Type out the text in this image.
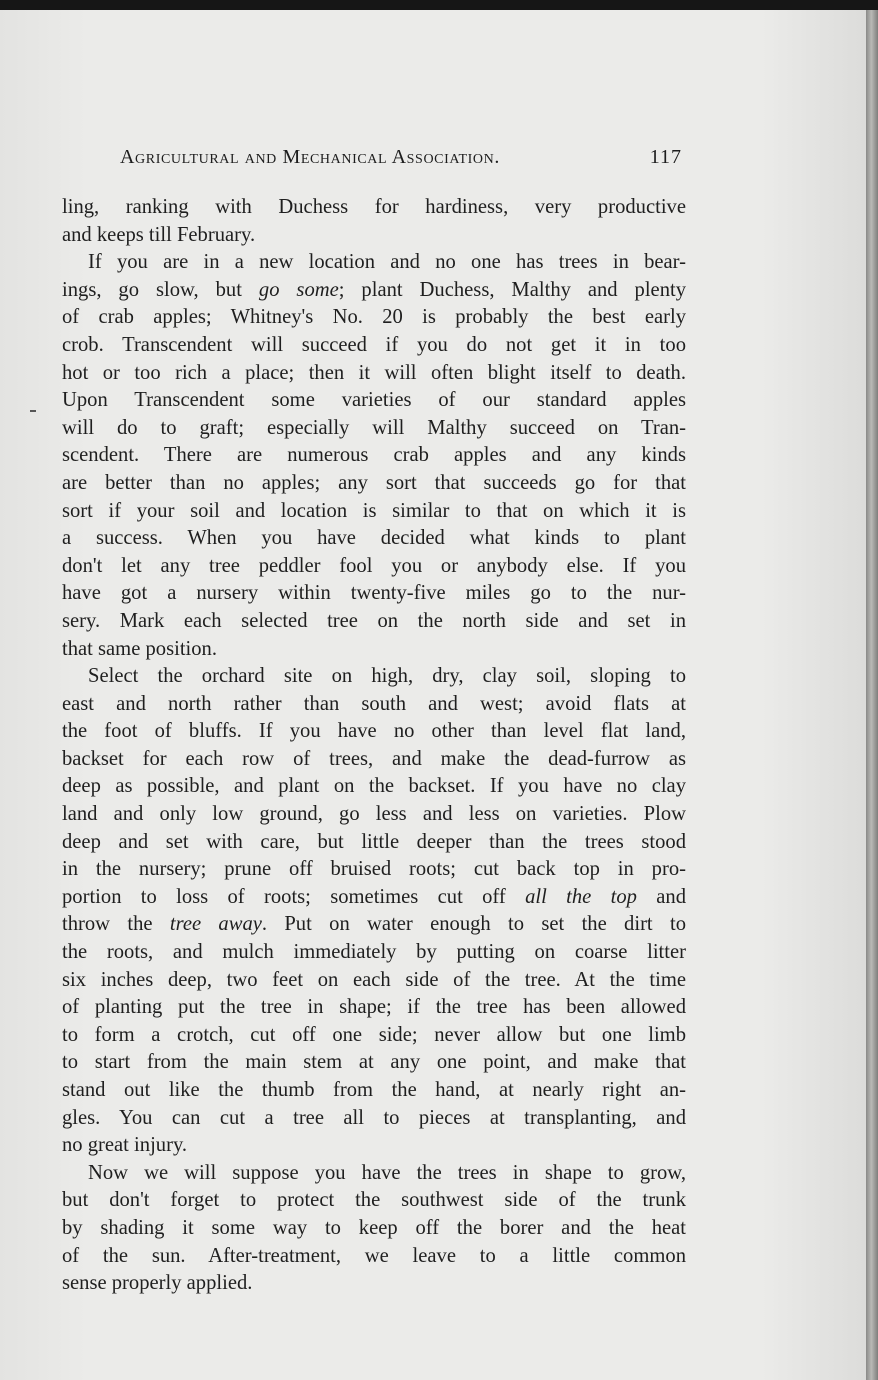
Agricultural and Mechanical Association.	117
ling, ranking with Duchess for hardiness, very productive
and keeps till February.
If you are in a new location and no one has trees in bear-
ings, go slow, but go some; plant Duchess, Malthy and plenty
of crab apples; Whitney's No. 20 is probably the best early
crob. Transcendent will succeed if you do not get it in too
hot or too rich a place; then it will often blight itself to death.
Upon Transcendent some varieties of our standard apples
will do to graft; especially will Malthy succeed on Tran-
scendent. There are numerous crab apples and any kinds
are better than no apples; any sort that succeeds go for that
sort if your soil and location is similar to that on which it is
a success. When you have decided what kinds to plant
don't let any tree peddler fool you or anybody else. If you
have got a nursery within twenty-five miles go to the nur-
sery. Mark each selected tree on the north side and set in
that same position.
Select the orchard site on high, dry, clay soil, sloping to
east and north rather than south and west; avoid flats at
the foot of bluffs. If you have no other than level flat land,
backset for each row of trees, and make the dead-furrow as
deep as possible, and plant on the backset. If you have no clay
land and only low ground, go less and less on varieties. Plow
deep and set with care, but little deeper than the trees stood
in the nursery; prune off bruised roots; cut back top in pro-
portion to loss of roots; sometimes cut off all the top and
throw the tree away. Put on water enough to set the dirt to
the roots, and mulch immediately by putting on coarse litter
six inches deep, two feet on each side of the tree. At the time
of planting put the tree in shape; if the tree has been allowed
to form a crotch, cut off one side; never allow but one limb
to start from the main stem at any one point, and make that
stand out like the thumb from the hand, at nearly right an-
gles. You can cut a tree all to pieces at transplanting, and
no great injury.
Now we will suppose you have the trees in shape to grow,
but don't forget to protect the southwest side of the trunk
by shading it some way to keep off the borer and the heat
of the sun. After-treatment, we leave to a little common
sense properly applied.
